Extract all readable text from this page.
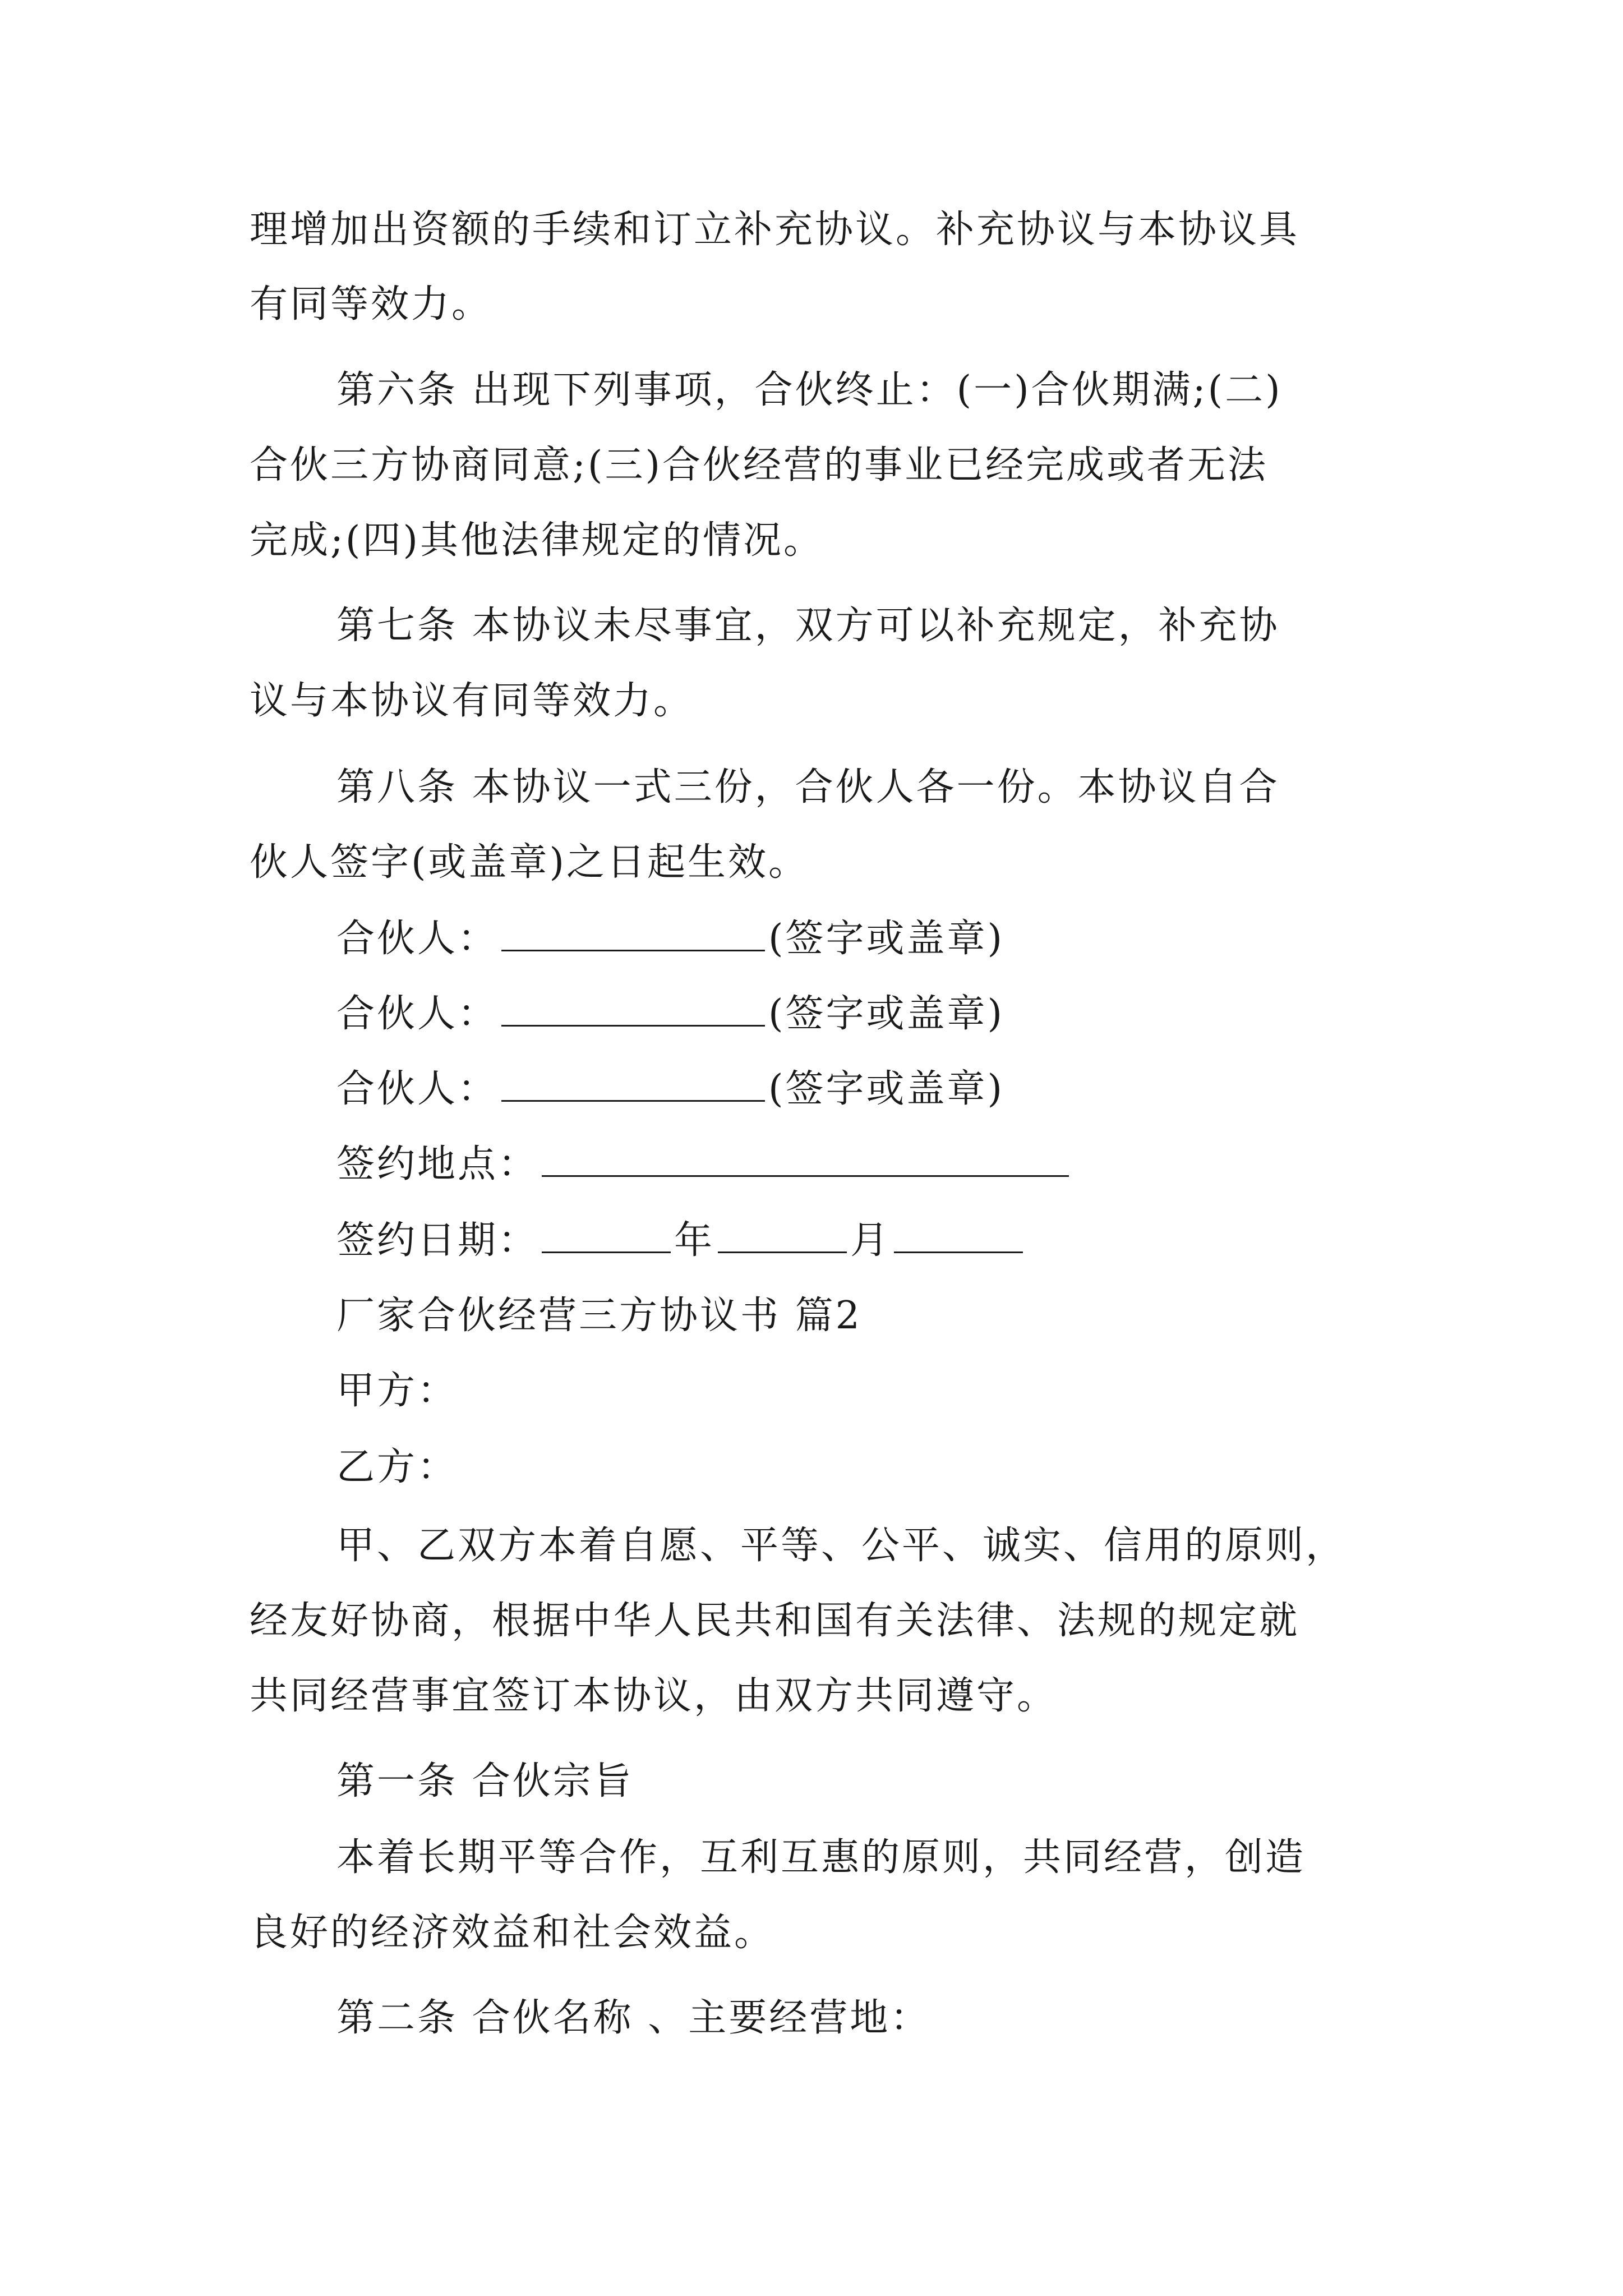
理增加出资额的手续和订立补充协议。补充协议与本协议具
有同等效力。
第六条 出现下列事项，合伙终止：(一)合伙期满;(二)
合伙三方协商同意;(三)合伙经营的事业已经完成或者无法
完成;(四)其他法律规定的情况。
第七条 本协议未尽事宜，双方可以补充规定，补充协
议与本协议有同等效力。
第八条 本协议一式三份，合伙人各一份。本协议自合
伙人签字(或盖章)之日起生效。
合伙人：	(签字或盖章)
合伙人：	(签字或盖章)
合伙人：	(签字或盖章)
签约地点：
签约日期：	年	月
厂家合伙经营三方协议书 篇2
甲方：
乙方：
甲、乙双方本着自愿、平等、公平、诚实、信用的原则，
经友好协商，根据中华人民共和国有关法律、法规的规定就
共同经营事宜签订本协议，由双方共同遵守。
第一条 合伙宗旨
本着长期平等合作，互利互惠的原则，共同经营，创造
良好的经济效益和社会效益。
第二条 合伙名称 、主要经营地：
